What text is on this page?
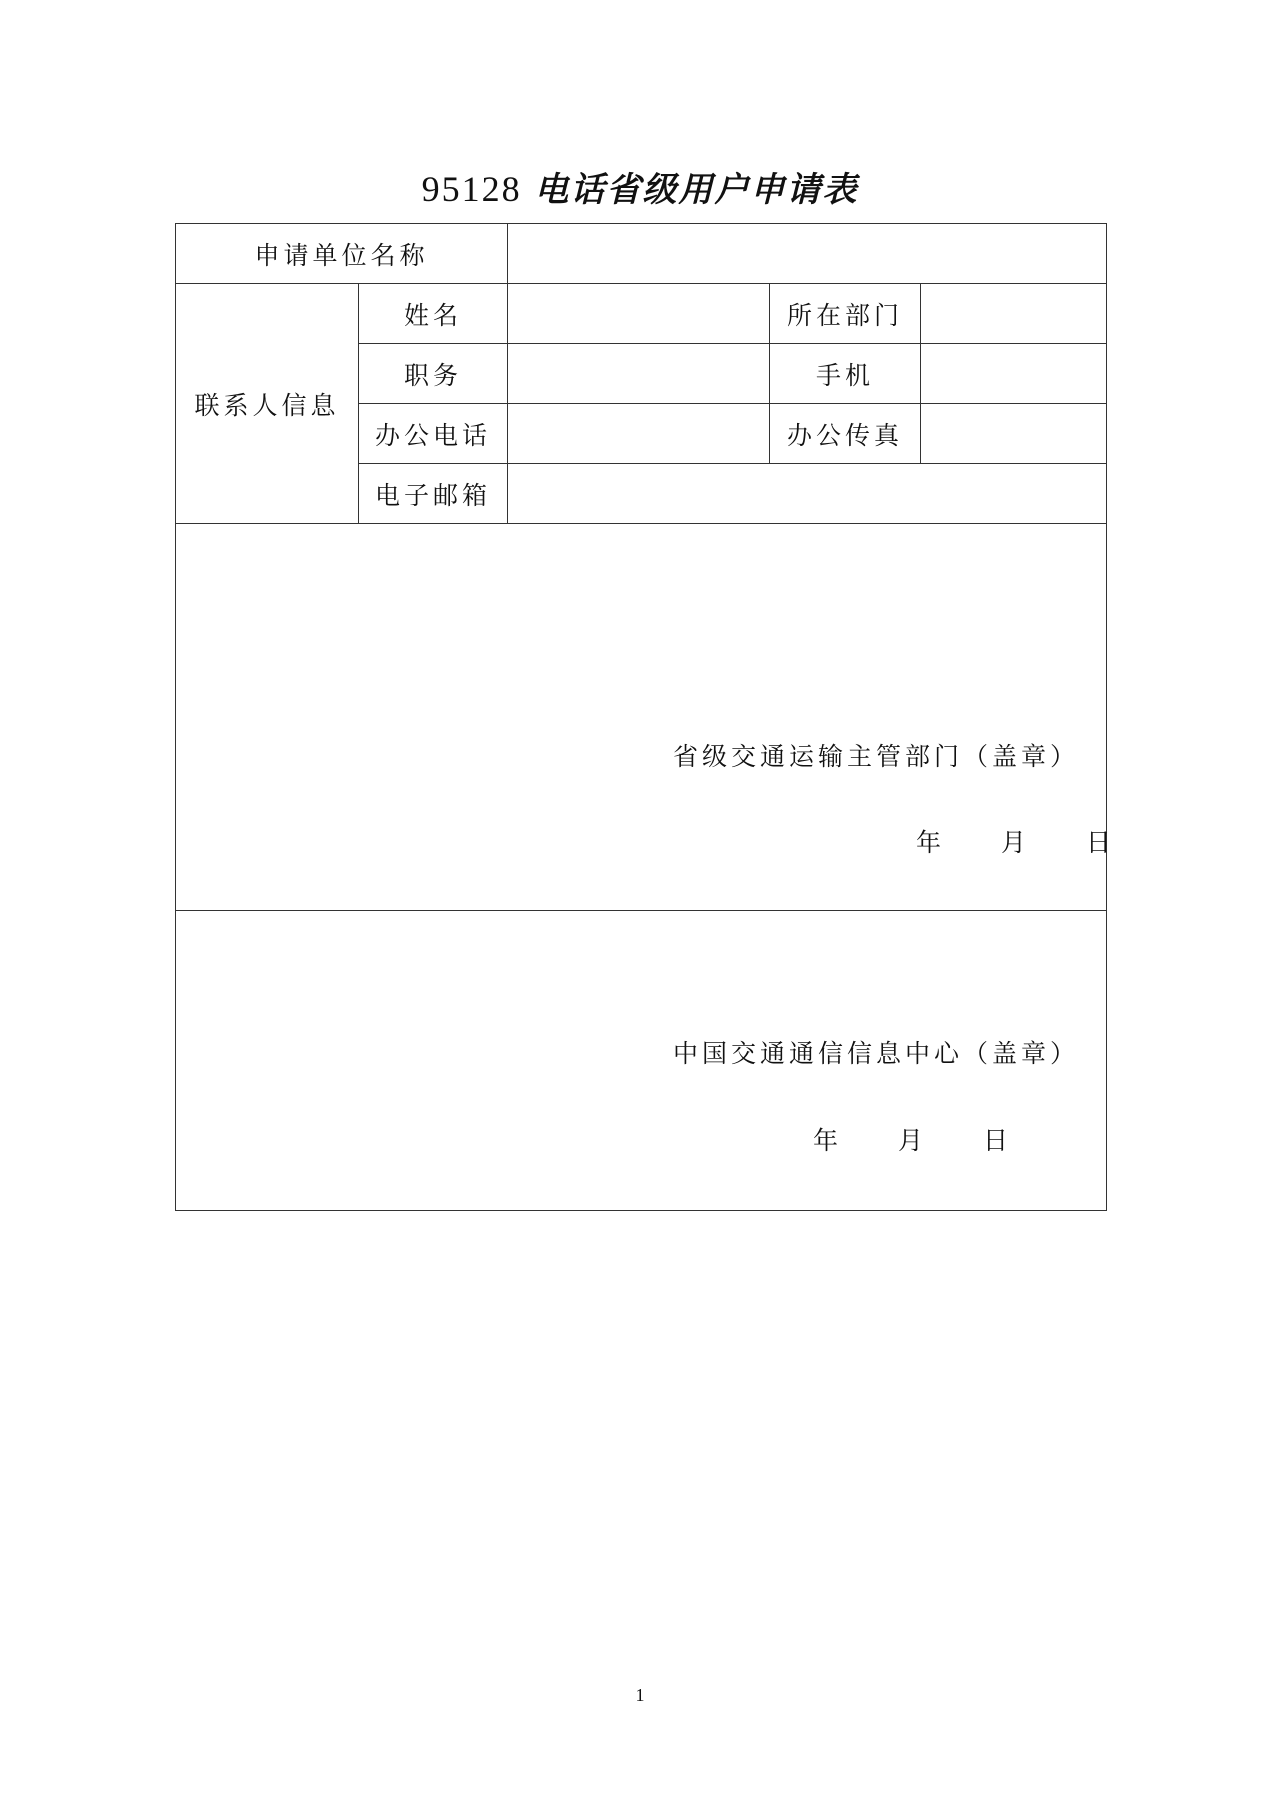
95128 电话省级用户申请表
申请单位名称				
联系人信息	姓名		所在部门	
	职务		手机	
	办公电话		办公传真	
	电子邮箱			

省级交通运输主管部门（盖章）
年 月 日				

中国交通通信信息中心（盖章）
年 月 日				
1
